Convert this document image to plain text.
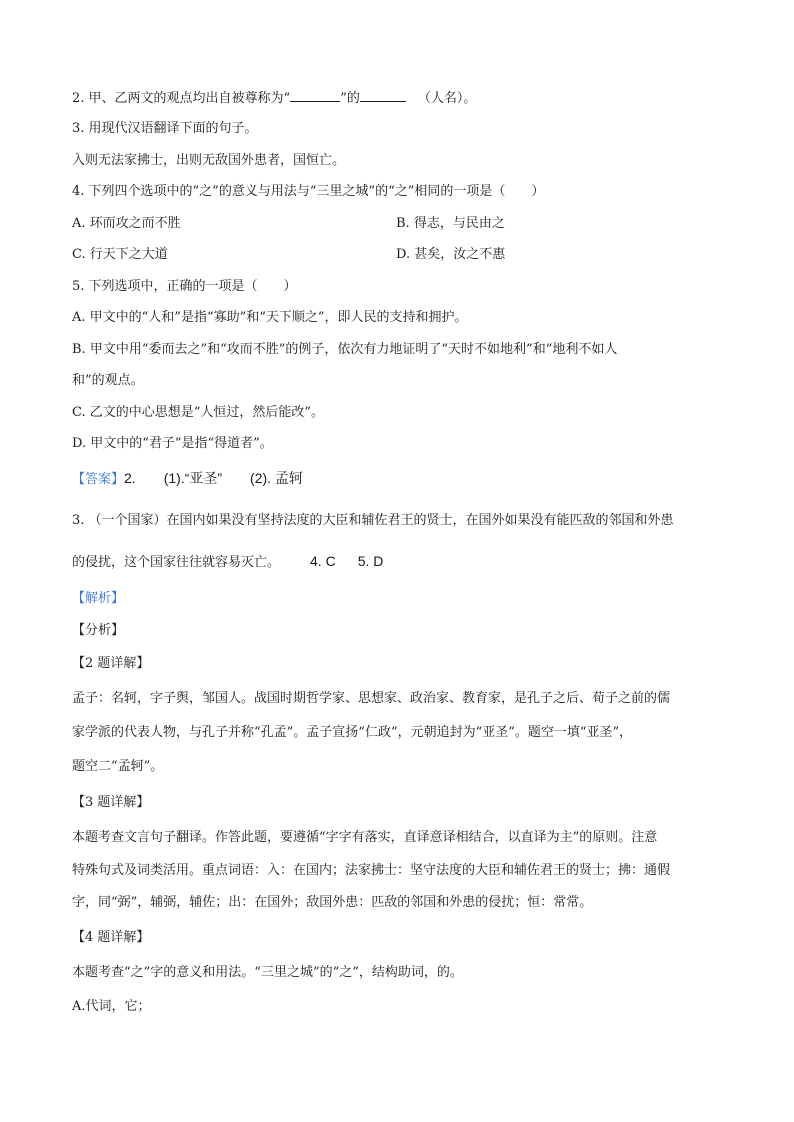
2. 甲、乙两文的观点均出自被尊称为“	”的	（人名）。
3. 用现代汉语翻译下面的句子。
入则无法家拂士，出则无敌国外患者，国恒亡。
4. 下列四个选项中的“之”的意义与用法与“三里之城”的“之”相同的一项是（　　）
A. 环而攻之而不胜	B. 得志，与民由之
C. 行天下之大道	D. 甚矣，汝之不惠
5. 下列选项中，正确的一项是（　　）
A. 甲文中的“人和”是指“寡助”和“天下顺之”，即人民的支持和拥护。
B. 甲文中用“委而去之”和“攻而不胜”的例子，依次有力地证明了“天时不如地利”和“地利不如人
和”的观点。
C. 乙文的中心思想是“人恒过，然后能改”。
D. 甲文中的“君子”是指“得道者”。
【答案】2. (1).“亚圣” (2). 孟轲
3. （一个国家）在国内如果没有坚持法度的大臣和辅佐君王的贤士，在国外如果没有能匹敌的邻国和外患
的侵扰，这个国家往往就容易灭亡。 4. C 5. D
【解析】
【分析】
【2 题详解】
孟子：名轲，字子舆，邹国人。战国时期哲学家、思想家、政治家、教育家，是孔子之后、荀子之前的儒
家学派的代表人物，与孔子并称“孔孟”。孟子宣扬“仁政”，元朝追封为“亚圣”。题空一填“亚圣”，
题空二“孟轲”。
【3 题详解】
本题考查文言句子翻译。作答此题，要遵循“字字有落实，直译意译相结合，以直译为主”的原则。注意
特殊句式及词类活用。重点词语：入：在国内；法家拂士：坚守法度的大臣和辅佐君王的贤士；拂：通假
字，同“弼”，辅弼，辅佐；出：在国外；敌国外患：匹敌的邻国和外患的侵扰；恒：常常。
【4 题详解】
本题考查“之”字的意义和用法。“三里之城”的“之”，结构助词，的。
A.代词，它；
